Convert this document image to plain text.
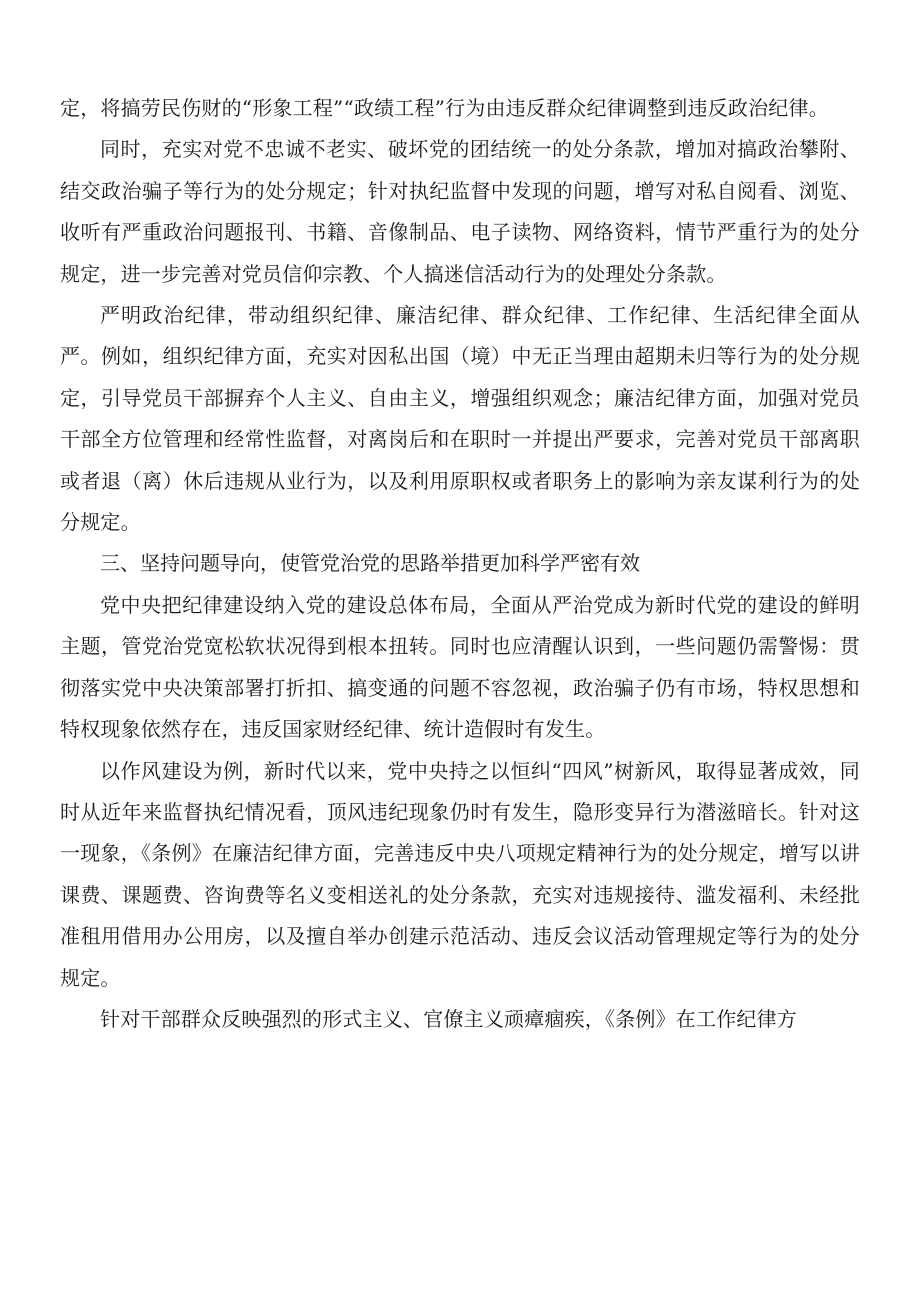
定，将搞劳民伤财的“形象工程”“政绩工程”行为由违反群众纪律调整到违反政治纪律。

同时，充实对党不忠诚不老实、破坏党的团结统一的处分条款，增加对搞政治攀附、结交政治骗子等行为的处分规定；针对执纪监督中发现的问题，增写对私自阅看、浏览、收听有严重政治问题报刊、书籍、音像制品、电子读物、网络资料，情节严重行为的处分规定，进一步完善对党员信仰宗教、个人搞迷信活动行为的处理处分条款。

严明政治纪律，带动组织纪律、廉洁纪律、群众纪律、工作纪律、生活纪律全面从严。例如，组织纪律方面，充实对因私出国（境）中无正当理由超期未归等行为的处分规定，引导党员干部摒弃个人主义、自由主义，增强组织观念；廉洁纪律方面，加强对党员干部全方位管理和经常性监督，对离岗后和在职时一并提出严要求，完善对党员干部离职或者退（离）休后违规从业行为，以及利用原职权或者职务上的影响为亲友谋利行为的处分规定。

三、坚持问题导向，使管党治党的思路举措更加科学严密有效

党中央把纪律建设纳入党的建设总体布局，全面从严治党成为新时代党的建设的鲜明主题，管党治党宽松软状况得到根本扭转。同时也应清醒认识到，一些问题仍需警惕：贯彻落实党中央决策部署打折扣、搞变通的问题不容忽视，政治骗子仍有市场，特权思想和特权现象依然存在，违反国家财经纪律、统计造假时有发生。

以作风建设为例，新时代以来，党中央持之以恒纠“四风”树新风，取得显著成效，同时从近年来监督执纪情况看，顶风违纪现象仍时有发生，隐形变异行为潜滋暗长。针对这一现象，《条例》在廉洁纪律方面，完善违反中央八项规定精神行为的处分规定，增写以讲课费、课题费、咨询费等名义变相送礼的处分条款，充实对违规接待、滥发福利、未经批准租用借用办公用房，以及擅自举办创建示范活动、违反会议活动管理规定等行为的处分规定。

针对干部群众反映强烈的形式主义、官僚主义顽瘴痼疾，《条例》在工作纪律方
